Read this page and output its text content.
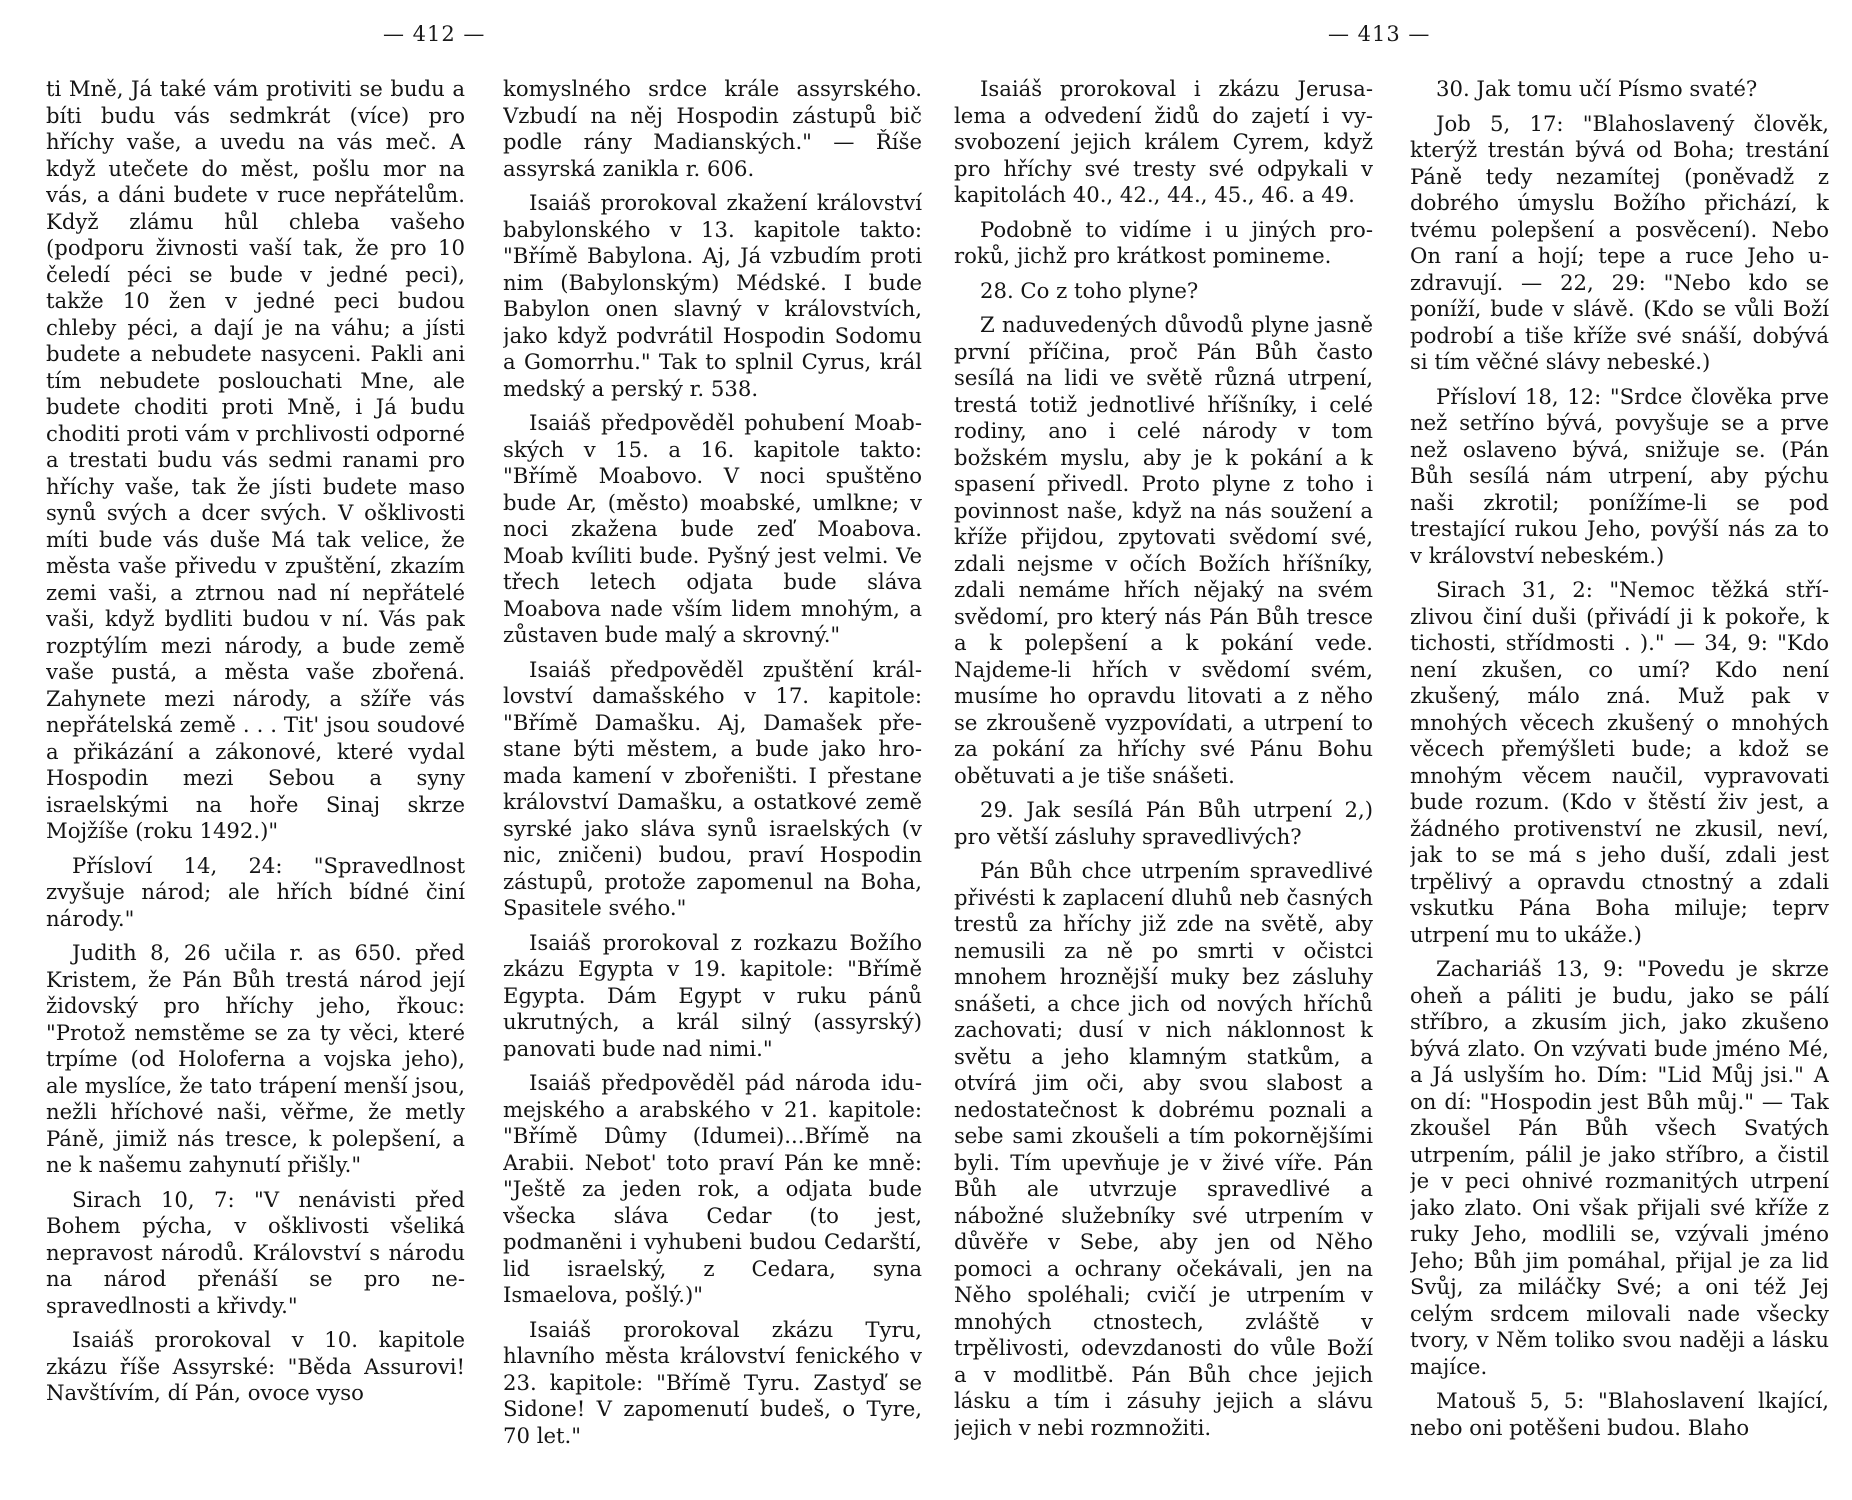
— 412 —	— 413 —

ti Mně, Já také vám protiviti se budu a bíti budu vás sedmkrát (více) pro hříchy vaše, a uvedu na vás meč. A když utečete do měst, pošlu mor na vás, a dáni budete v ruce nepřátelům. Když zlámu hůl chleba vašeho (podporu živnosti vaší tak, že pro 10 čeledí péci se bude v jedné peci), takže 10 žen v jedné peci budou chleby péci, a dají je na váhu; a jísti budete a nebudete nasyceni. Pakli ani tím nebudete poslouchati Mne, ale budete choditi proti Mně, i Já budu choditi proti vám v prchlivosti odporné a trestati budu vás sedmi ranami pro hříchy vaše, tak že jísti budete maso synů svých a dcer svých. V ošklivosti míti bude vás duše Má tak velice, že města vaše přivedu v zpuštění, zkazím zemi vaši, a ztrnou nad ní nepřátelé vaši, když bydliti budou v ní. Vás pak rozptýlím mezi národy, a bude země vaše pustá, a města vaše zbořená. Zahynete mezi národy, a sžíře vás nepřátelská země . . . Tit' jsou soudové a přikázání a zákonové, které vydal Hospodin mezi Sebou a syny israelskými na hoře Sinaj skrze Mojžíše (roku 1492.)"

Přísloví 14, 24: "Spravedlnost zvyšuje národ; ale hřích bídné činí národy."

Judith 8, 26 učila r. as 650. před Kristem, že Pán Bůh trestá národ její židovský pro hříchy jeho, řkouc: "Protož nemstěme se za ty věci, které trpíme (od Holoferna a vojska jeho), ale myslíce, že tato trápení menší jsou, nežli hříchové naši, věřme, že metly Páně, jimiž nás tresce, k polepšení, a ne k našemu zahynutí přišly."

Sirach 10, 7: "V nenávisti před Bohem pýcha, v ošklivosti všeliká nepravost národů. Království s národu na národ přenáší se pro nespravedlnosti a křivdy."

Isaiáš prorokoval v 10. kapitole zkázu říše Assyrské: "Běda Assurovi! Navštívím, dí Pán, ovoce vyso

komyslného srdce krále assyrského. Vzbudí na něj Hospodin zástupů bič podle rány Madianských." — Říše assyrská zanikla r. 606.

Isaiáš prorokoval zkažení království babylonského v 13. kapitole takto: "Břímě Babylona. Aj, Já vzbudím proti nim (Babylonským) Médské. I bude Babylon onen slavný v královstvích, jako když podvrátil Hospodin Sodomu a Gomorrhu." Tak to splnil Cyrus, král medský a perský r. 538.

Isaiáš předpověděl pohubení Moabských v 15. a 16. kapitole takto: "Břímě Moabovo. V noci spuštěno bude Ar, (město) moabské, umlkne; v noci zkažena bude zeď Moabova. Moab kvíliti bude. Pyšný jest velmi. Ve třech letech odjata bude sláva Moabova nade vším lidem mnohým, a zůstaven bude malý a skrovný."

Isaiáš předpověděl zpuštění krállovství damašského v 17. kapitole: "Břímě Damašku. Aj, Damašek přestane býti městem, a bude jako hromada kamení v zbořeništi. I přestane království Damašku, a ostatkové země syrské jako sláva synů israelských (v nic, zničeni) budou, praví Hospodin zástupů, protože zapomenul na Boha, Spasitele svého."

Isaiáš prorokoval z rozkazu Božího zkázu Egypta v 19. kapitole: "Břímě Egypta. Dám Egypt v ruku pánů ukrutných, a král silný (assyrský) panovati bude nad nimi."

Isaiáš předpověděl pád národa idumejského a arabského v 21. kapitole: "Břímě Dûmy (Idumei)...Břímě na Arabii. Nebot' toto praví Pán ke mně: "Ještě za jeden rok, a odjata bude všecka sláva Cedar (to jest, podmaněni i vyhubeni budou Cedarští, lid israelský, z Cedara, syna Ismaelova, pošlý.)"

Isaiáš prorokoval zkázu Tyru, hlavního města království fenického v 23. kapitole: "Břímě Tyru. Zastyď se Sidone! V zapomenutí budeš, o Tyre, 70 let."

Isaiáš prorokoval i zkázu Jerusalema a odvedení židů do zajetí i vysvobození jejich králem Cyrem, když pro hříchy své tresty své odpykali v kapitolách 40., 42., 44., 45., 46. a 49.

Podobně to vidíme i u jiných proroků, jichž pro krátkost pomineme.

28. Co z toho plyne?

Z naduvedených důvodů plyne jasně první příčina, proč Pán Bůh často sesílá na lidi ve světě různá utrpení, trestá totiž jednotlivé hříšníky, i celé rodiny, ano i celé národy v tom božském myslu, aby je k pokání a k spasení přivedl. Proto plyne z toho i povinnost naše, když na nás soužení a kříže přijdou, zpytovati svědomí své, zdali nejsme v očích Božích hříšníky, zdali nemáme hřích nějaký na svém svědomí, pro který nás Pán Bůh tresce a k polepšení a k pokání vede. Najdeme-li hřích v svědomí svém, musíme ho opravdu litovati a z něho se zkroušeně vyzpovídati, a utrpení to za pokání za hříchy své Pánu Bohu obětuvati a je tiše snášeti.

29. Jak sesílá Pán Bůh utrpení 2,) pro větší zásluhy spravedlivých?

Pán Bůh chce utrpením spravedlivé přivésti k zaplacení dluhů neb časných trestů za hříchy již zde na světě, aby nemusili za ně po smrti v očistci mnohem hroznější muky bez zásluhy snášeti, a chce jich od nových hříchů zachovati; dusí v nich náklonnost k světu a jeho klamným statkům, a otvírá jim oči, aby svou slabost a nedostatečnost k dobrému poznali a sebe sami zkoušeli a tím pokornějšími byli. Tím upevňuje je v živé víře. Pán Bůh ale utvrzuje spravedlivé a nábožné služebníky své utrpením v důvěře v Sebe, aby jen od Něho pomoci a ochrany očekávali, jen na Něho spoléhali; cvičí je utrpením v mnohých ctnostech, zvláště v trpělivosti, odevzdanosti do vůle Boží a v modlitbě. Pán Bůh chce jejich lásku a tím i zásuhy jejich a slávu jejich v nebi rozmnožiti.

30. Jak tomu učí Písmo svaté?

Job 5, 17: "Blahoslavený člověk, kterýž trestán bývá od Boha; trestání Páně tedy nezamítej (poněvadž z dobrého úmyslu Božího přichází, k tvému polepšení a posvěcení). Nebo On raní a hojí; tepe a ruce Jeho uzdravují. — 22, 29: "Nebo kdo se poníží, bude v slávě. (Kdo se vůli Boží podrobí a tiše kříže své snáší, dobývá si tím věčné slávy nebeské.)

Přísloví 18, 12: "Srdce člověka prve než setříno bývá, povyšuje se a prve než oslaveno bývá, snižuje se. (Pán Bůh sesílá nám utrpení, aby pýchu naši zkrotil; ponížíme-li se pod trestající rukou Jeho, povýší nás za to v království nebeském.)

Sirach 31, 2: "Nemoc těžká střízlivou činí duši (přivádí ji k pokoře, k tichosti, střídmosti . )." — 34, 9: "Kdo není zkušen, co umí? Kdo není zkušený, málo zná. Muž pak v mnohých věcech zkušený o mnohých věcech přemýšleti bude; a kdož se mnohým věcem naučil, vypravovati bude rozum. (Kdo v štěstí živ jest, a žádného protivenství ne zkusil, neví, jak to se má s jeho duší, zdali jest trpělivý a opravdu ctnostný a zdali vskutku Pána Boha miluje; teprv utrpení mu to ukáže.)

Zachariáš 13, 9: "Povedu je skrze oheň a páliti je budu, jako se pálí stříbro, a zkusím jich, jako zkušeno bývá zlato. On vzývati bude jméno Mé, a Já uslyším ho. Dím: "Lid Můj jsi." A on dí: "Hospodin jest Bůh můj." — Tak zkoušel Pán Bůh všech Svatých utrpením, pálil je jako stříbro, a čistil je v peci ohnivé rozmanitých utrpení jako zlato. Oni však přijali své kříže z ruky Jeho, modlili se, vzývali jméno Jeho; Bůh jim pomáhal, přijal je za lid Svůj, za miláčky Své; a oni též Jej celým srdcem milovali nade všecky tvory, v Něm toliko svou naději a lásku majíce.

Matouš 5, 5: "Blahoslavení lkající, nebo oni potěšeni budou. Blaho
